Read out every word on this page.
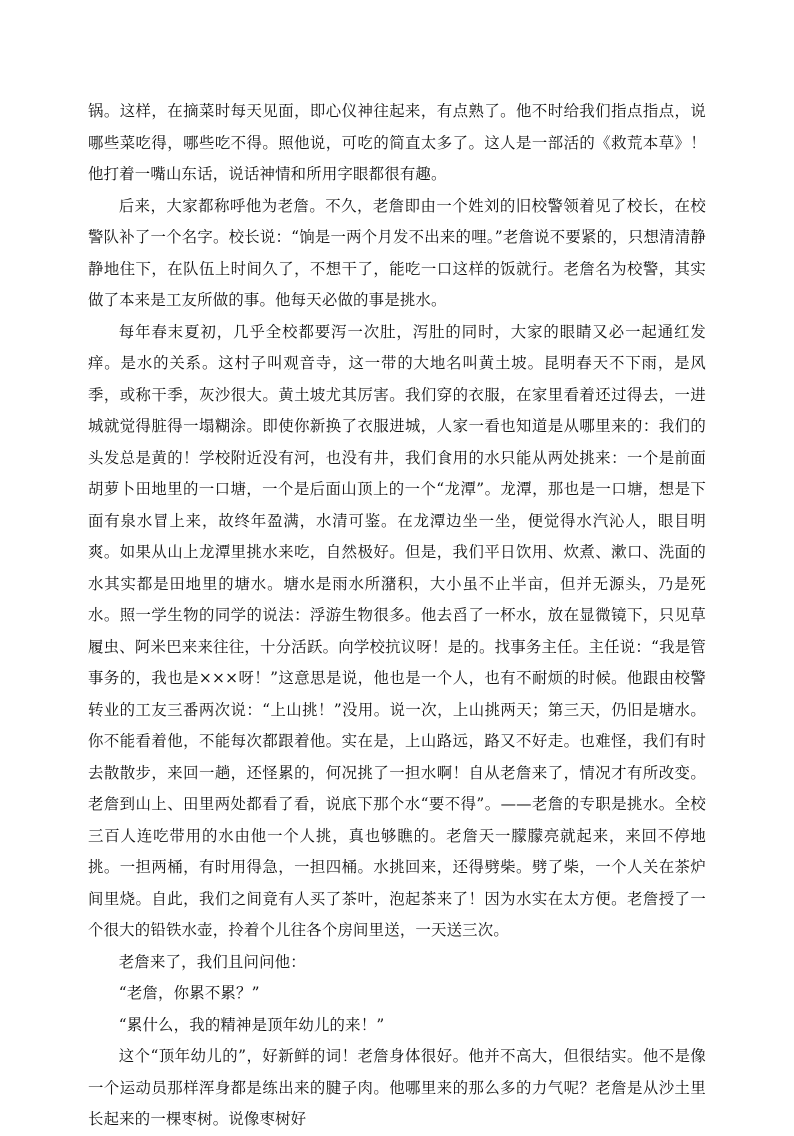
锅。这样，在摘菜时每天见面，即心仪神往起来，有点熟了。他不时给我们指点指点，说哪些菜吃得，哪些吃不得。照他说，可吃的简直太多了。这人是一部活的《救荒本草》！他打着一嘴山东话，说话神情和所用字眼都很有趣。

后来，大家都称呼他为老詹。不久，老詹即由一个姓刘的旧校警领着见了校长，在校警队补了一个名字。校长说：“饷是一两个月发不出来的哩。”老詹说不要紧的，只想清清静静地住下，在队伍上时间久了，不想干了，能吃一口这样的饭就行。老詹名为校警，其实做了本来是工友所做的事。他每天必做的事是挑水。

每年春末夏初，几乎全校都要泻一次肚，泻肚的同时，大家的眼睛又必一起通红发痒。是水的关系。这村子叫观音寺，这一带的大地名叫黄土坡。昆明春天不下雨，是风季，或称干季，灰沙很大。黄土坡尤其厉害。我们穿的衣服，在家里看着还过得去，一进城就觉得脏得一塌糊涂。即使你新换了衣服进城，人家一看也知道是从哪里来的：我们的头发总是黄的！学校附近没有河，也没有井，我们食用的水只能从两处挑来：一个是前面胡萝卜田地里的一口塘，一个是后面山顶上的一个“龙潭”。龙潭，那也是一口塘，想是下面有泉水冒上来，故终年盈满，水清可鉴。在龙潭边坐一坐，便觉得水汽沁人，眼目明爽。如果从山上龙潭里挑水来吃，自然极好。但是，我们平日饮用、炊煮、漱口、洗面的水其实都是田地里的塘水。塘水是雨水所潴积，大小虽不止半亩，但并无源头，乃是死水。照一学生物的同学的说法：浮游生物很多。他去舀了一杯水，放在显微镜下，只见草履虫、阿米巴来来往往，十分活跃。向学校抗议呀！是的。找事务主任。主任说：“我是管事务的，我也是×××呀！”这意思是说，他也是一个人，也有不耐烦的时候。他跟由校警转业的工友三番两次说：“上山挑！”没用。说一次，上山挑两天；第三天，仍旧是塘水。你不能看着他，不能每次都跟着他。实在是，上山路远，路又不好走。也难怪，我们有时去散散步，来回一趟，还怪累的，何况挑了一担水啊！自从老詹来了，情况才有所改变。老詹到山上、田里两处都看了看，说底下那个水“要不得”。——老詹的专职是挑水。全校三百人连吃带用的水由他一个人挑，真也够瞧的。老詹天一朦朦亮就起来，来回不停地挑。一担两桶，有时用得急，一担四桶。水挑回来，还得劈柴。劈了柴，一个人关在茶炉间里烧。自此，我们之间竟有人买了茶叶，泡起茶来了！因为水实在太方便。老詹授了一个很大的铅铁水壶，拎着个儿往各个房间里送，一天送三次。

老詹来了，我们且问问他：

“老詹，你累不累？”

“累什么，我的精神是顶年幼儿的来！”

这个“顶年幼儿的”，好新鲜的词！老詹身体很好。他并不高大，但很结实。他不是像一个运动员那样浑身都是练出来的腱子肉。他哪里来的那么多的力气呢？老詹是从沙土里长起来的一棵枣树。说像枣树好
